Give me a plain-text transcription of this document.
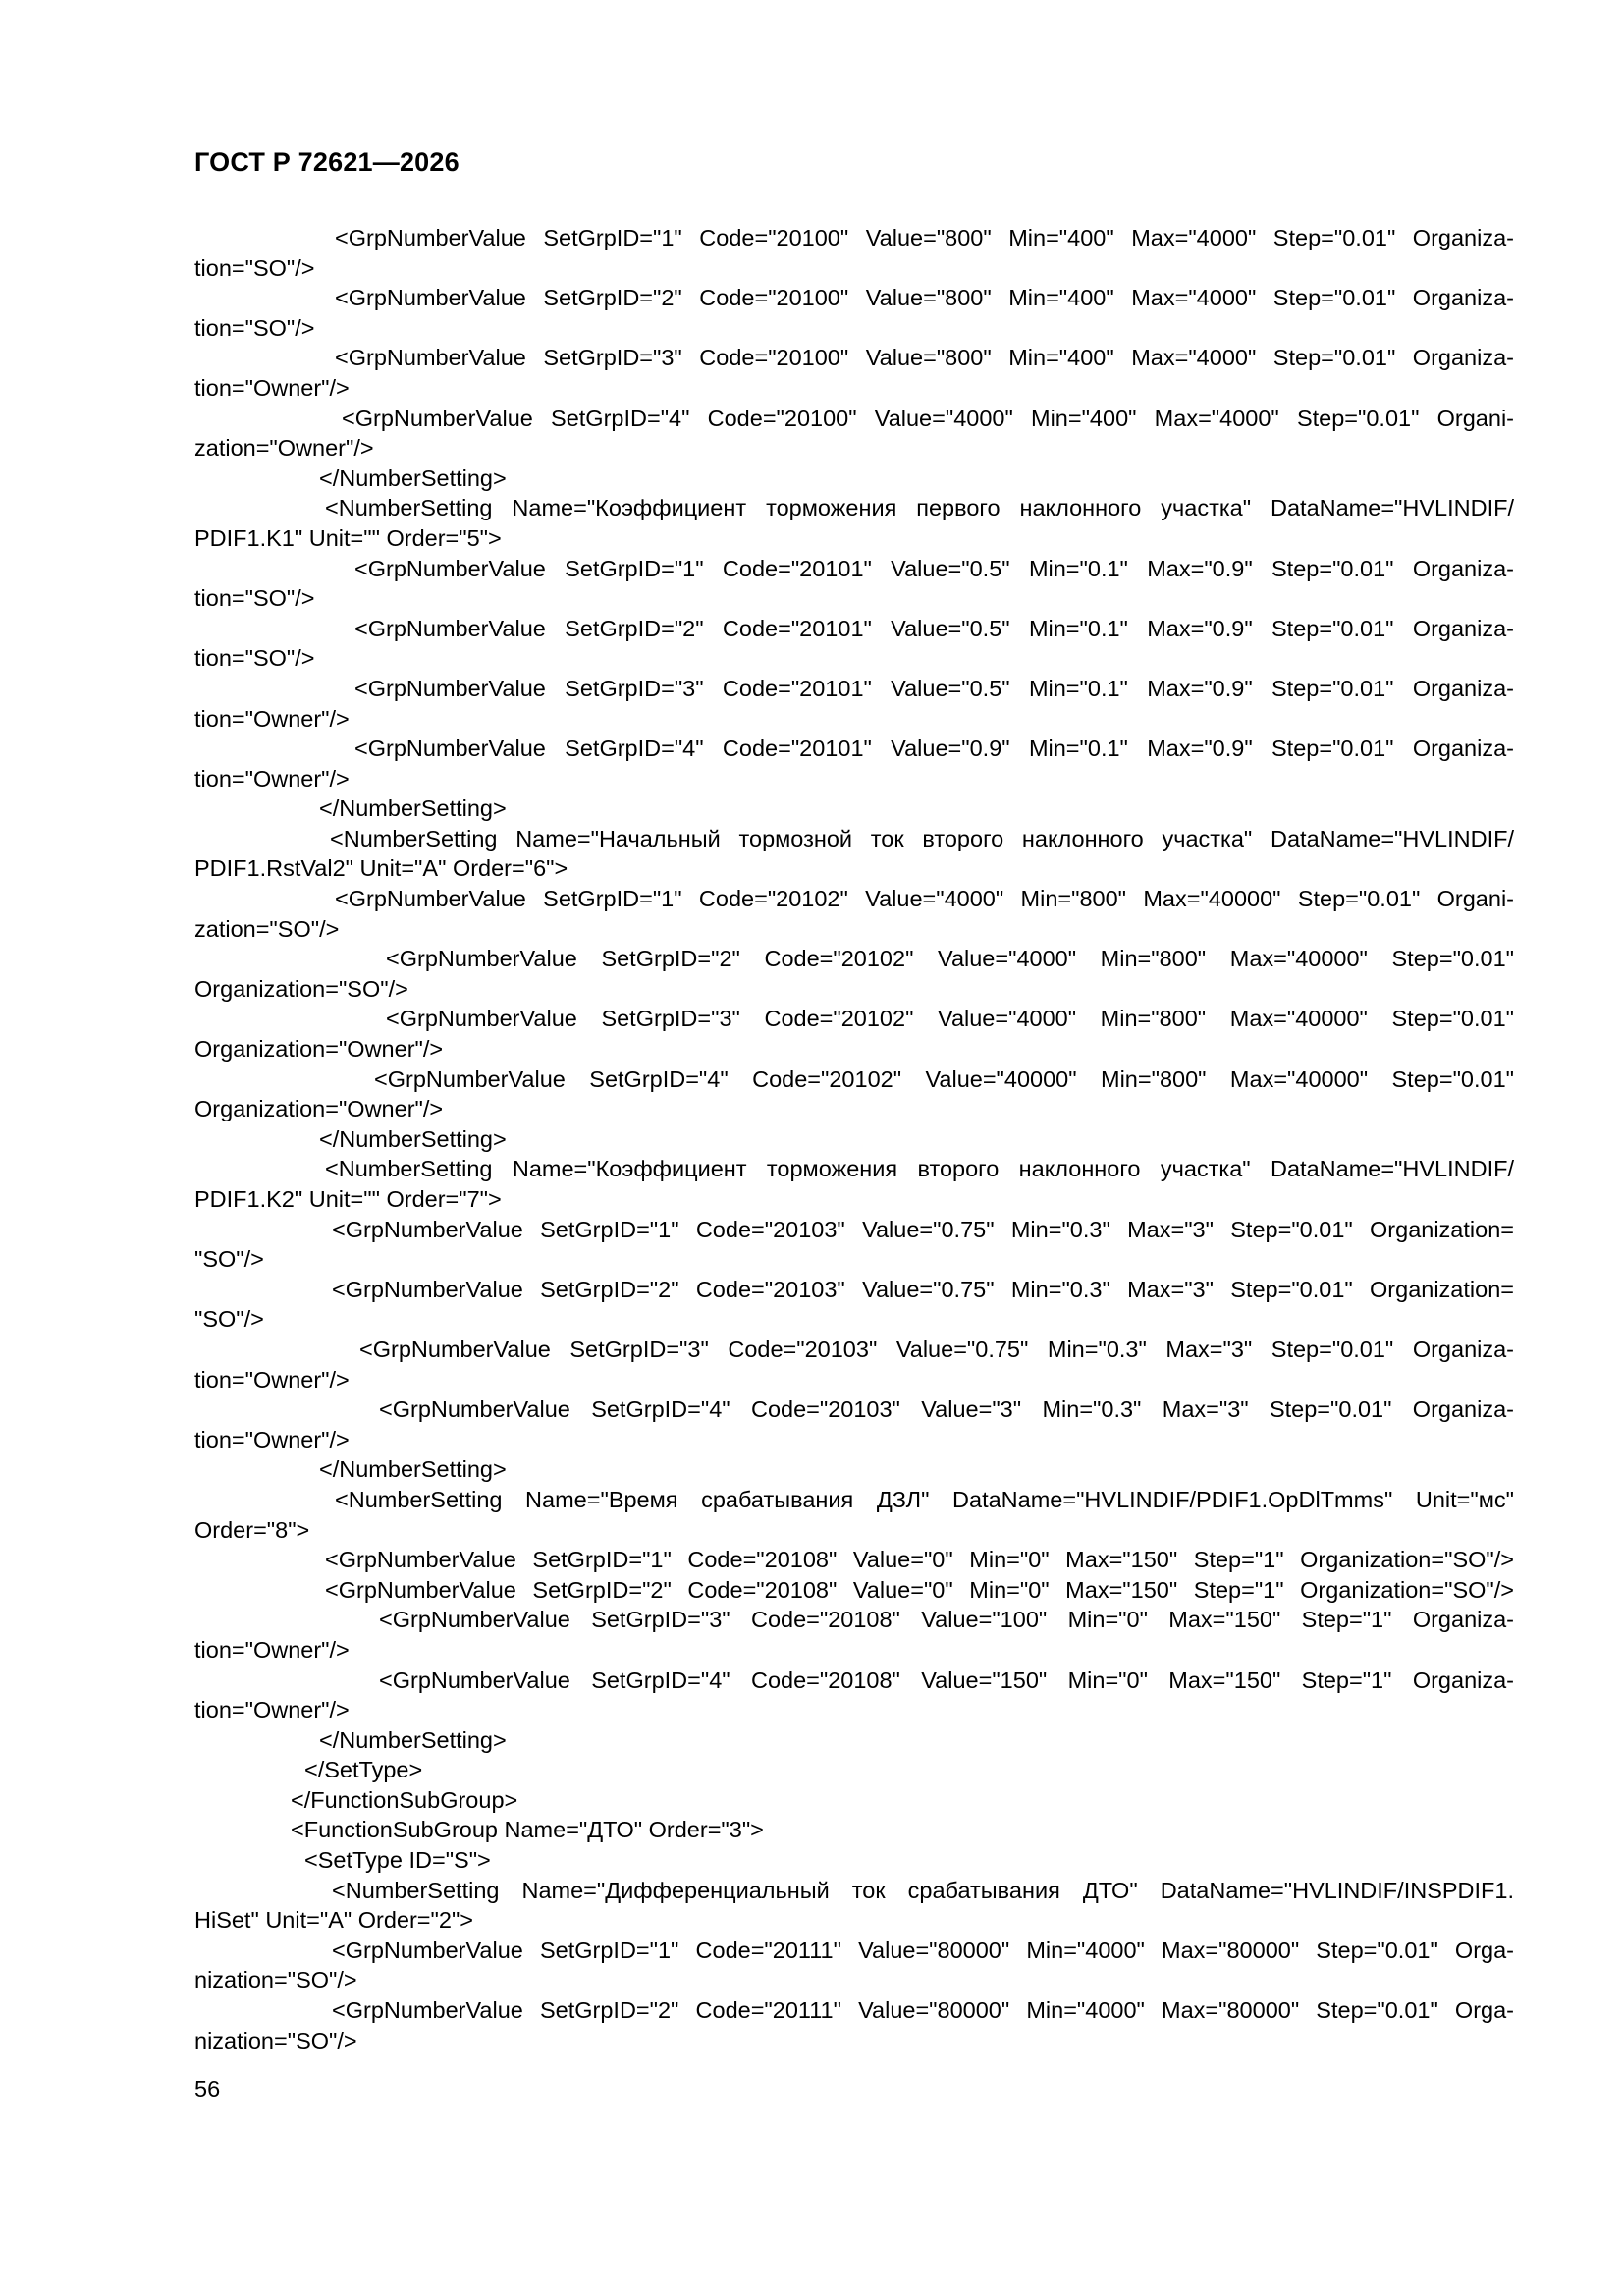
ГОСТ Р 72621—2026
<GrpNumberValue SetGrpID="1" Code="20100" Value="800" Min="400" Max="4000" Step="0.01" Organiza-
tion="SO"/>
<GrpNumberValue SetGrpID="2" Code="20100" Value="800" Min="400" Max="4000" Step="0.01" Organiza-
tion="SO"/>
<GrpNumberValue SetGrpID="3" Code="20100" Value="800" Min="400" Max="4000" Step="0.01" Organiza-
tion="Owner"/>
<GrpNumberValue SetGrpID="4" Code="20100" Value="4000" Min="400" Max="4000" Step="0.01" Organi-
zation="Owner"/>
</NumberSetting>
<NumberSetting Name="Коэффициент торможения первого наклонного участка" DataName="HVLINDIF/
PDIF1.K1" Unit="" Order="5">
<GrpNumberValue SetGrpID="1" Code="20101" Value="0.5" Min="0.1" Max="0.9" Step="0.01" Organiza-
tion="SO"/>
<GrpNumberValue SetGrpID="2" Code="20101" Value="0.5" Min="0.1" Max="0.9" Step="0.01" Organiza-
tion="SO"/>
<GrpNumberValue SetGrpID="3" Code="20101" Value="0.5" Min="0.1" Max="0.9" Step="0.01" Organiza-
tion="Owner"/>
<GrpNumberValue SetGrpID="4" Code="20101" Value="0.9" Min="0.1" Max="0.9" Step="0.01" Organiza-
tion="Owner"/>
</NumberSetting>
<NumberSetting Name="Начальный тормозной ток второго наклонного участка" DataName="HVLINDIF/
PDIF1.RstVal2" Unit="A" Order="6">
<GrpNumberValue SetGrpID="1" Code="20102" Value="4000" Min="800" Max="40000" Step="0.01" Organi-
zation="SO"/>
<GrpNumberValue SetGrpID="2" Code="20102" Value="4000" Min="800" Max="40000" Step="0.01"
Organization="SO"/>
<GrpNumberValue SetGrpID="3" Code="20102" Value="4000" Min="800" Max="40000" Step="0.01"
Organization="Owner"/>
<GrpNumberValue SetGrpID="4" Code="20102" Value="40000" Min="800" Max="40000" Step="0.01"
Organization="Owner"/>
</NumberSetting>
<NumberSetting Name="Коэффициент торможения второго наклонного участка" DataName="HVLINDIF/
PDIF1.K2" Unit="" Order="7">
<GrpNumberValue SetGrpID="1" Code="20103" Value="0.75" Min="0.3" Max="3" Step="0.01" Organization=
"SO"/>
<GrpNumberValue SetGrpID="2" Code="20103" Value="0.75" Min="0.3" Max="3" Step="0.01" Organization=
"SO"/>
<GrpNumberValue SetGrpID="3" Code="20103" Value="0.75" Min="0.3" Max="3" Step="0.01" Organiza-
tion="Owner"/>
<GrpNumberValue SetGrpID="4" Code="20103" Value="3" Min="0.3" Max="3" Step="0.01" Organiza-
tion="Owner"/>
</NumberSetting>
<NumberSetting Name="Время срабатывания ДЗЛ" DataName="HVLINDIF/PDIF1.OpDlTmms" Unit="мс"
Order="8">
<GrpNumberValue SetGrpID="1" Code="20108" Value="0" Min="0" Max="150" Step="1" Organization="SO"/>
<GrpNumberValue SetGrpID="2" Code="20108" Value="0" Min="0" Max="150" Step="1" Organization="SO"/>
<GrpNumberValue SetGrpID="3" Code="20108" Value="100" Min="0" Max="150" Step="1" Organiza-
tion="Owner"/>
<GrpNumberValue SetGrpID="4" Code="20108" Value="150" Min="0" Max="150" Step="1" Organiza-
tion="Owner"/>
</NumberSetting>
</SetType>
</FunctionSubGroup>
<FunctionSubGroup Name="ДТО" Order="3">
<SetType ID="S">
<NumberSetting Name="Дифференциальный ток срабатывания ДТО" DataName="HVLINDIF/INSPDIF1.
HiSet" Unit="A" Order="2">
<GrpNumberValue SetGrpID="1" Code="20111" Value="80000" Min="4000" Max="80000" Step="0.01" Orga-
nization="SO"/>
<GrpNumberValue SetGrpID="2" Code="20111" Value="80000" Min="4000" Max="80000" Step="0.01" Orga-
nization="SO"/>
56
